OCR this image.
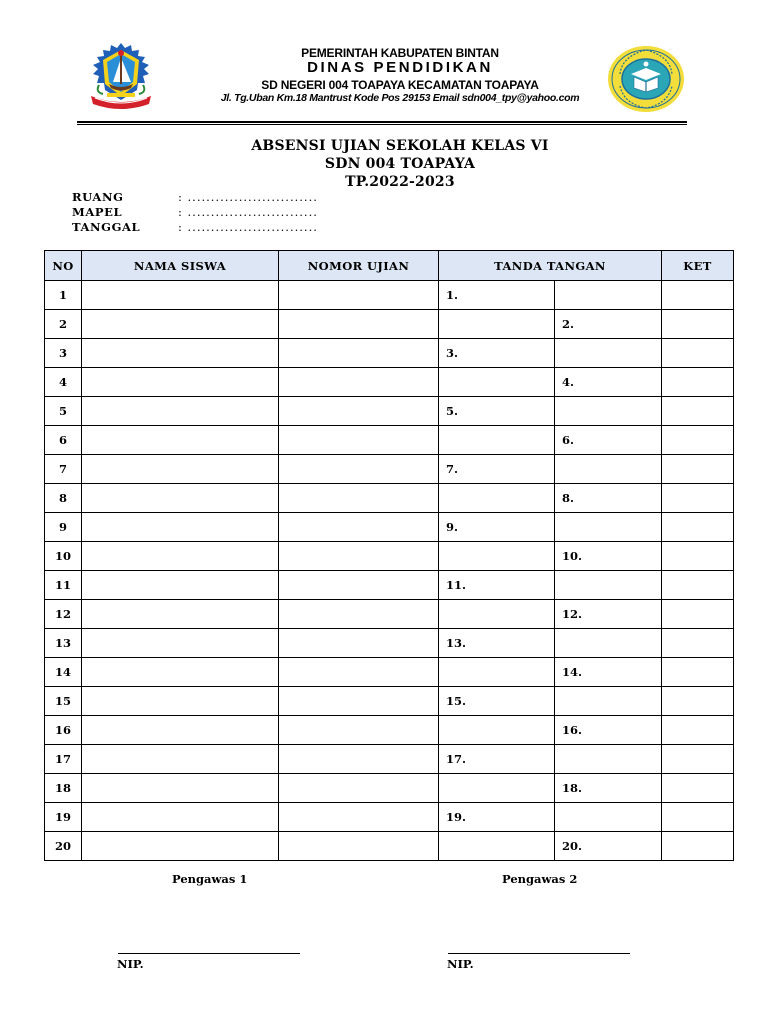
PEMERINTAH KABUPATEN BINTAN
DINAS PENDIDIKAN
SD NEGERI 004 TOAPAYA KECAMATAN TOAPAYA
Jl. Tg.Uban Km.18 Mantrust Kode Pos 29153 Email sdn004_tpy@yahoo.com
ABSENSI UJIAN SEKOLAH KELAS VI
SDN 004 TOAPAYA
TP.2022-2023
RUANG	: ............................
MAPEL	: ............................
TANGGAL	: ............................
NO	NAMA SISWA	NOMOR UJIAN	TANDA TANGAN		KET
1			1.		
2				2.	
3			3.		
4				4.	
5			5.		
6				6.	
7			7.		
8				8.	
9			9.		
10				10.	
11			11.		
12				12.	
13			13.		
14				14.	
15			15.		
16				16.	
17			17.		
18				18.	
19			19.		
20				20.	
Pengawas 1	Pengawas 2
NIP.	NIP.
